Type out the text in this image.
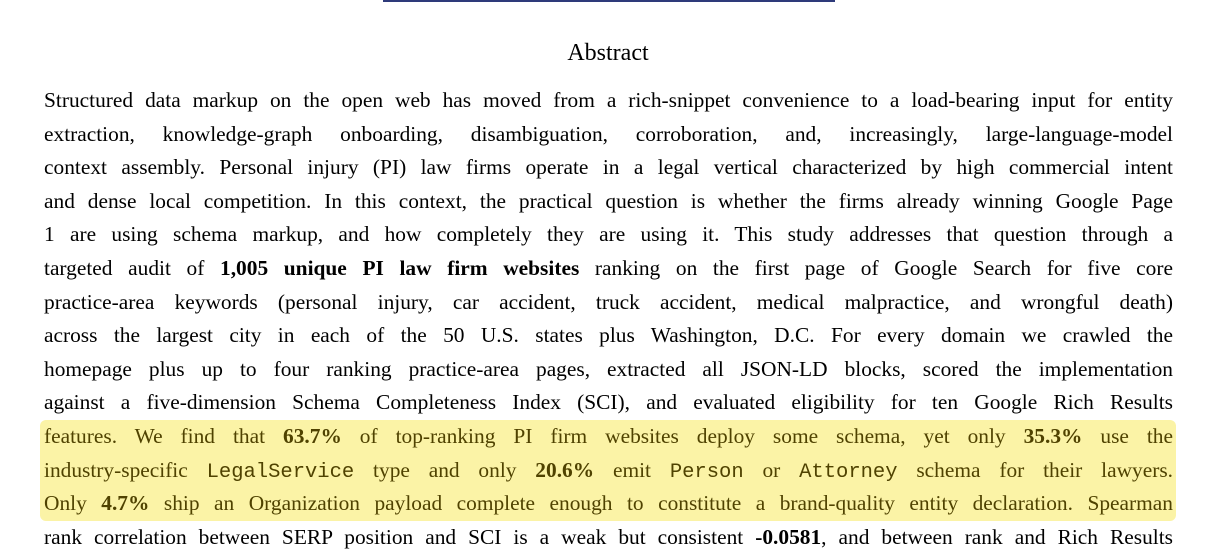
Abstract
Structured data markup on the open web has moved from a rich-snippet convenience to a load-bearing input for entity
extraction, knowledge-graph onboarding, disambiguation, corroboration, and, increasingly, large-language-model
context assembly. Personal injury (PI) law firms operate in a legal vertical characterized by high commercial intent
and dense local competition. In this context, the practical question is whether the firms already winning Google Page
1 are using schema markup, and how completely they are using it. This study addresses that question through a
targeted audit of 1,005 unique PI law firm websites ranking on the first page of Google Search for five core
practice-area keywords (personal injury, car accident, truck accident, medical malpractice, and wrongful death)
across the largest city in each of the 50 U.S. states plus Washington, D.C. For every domain we crawled the
homepage plus up to four ranking practice-area pages, extracted all JSON-LD blocks, scored the implementation
against a five-dimension Schema Completeness Index (SCI), and evaluated eligibility for ten Google Rich Results
features. We find that 63.7% of top-ranking PI firm websites deploy some schema, yet only 35.3% use the
industry-specific LegalService type and only 20.6% emit Person or Attorney schema for their lawyers.
Only 4.7% ship an Organization payload complete enough to constitute a brand-quality entity declaration. Spearman
rank correlation between SERP position and SCI is a weak but consistent -0.0581, and between rank and Rich Results
